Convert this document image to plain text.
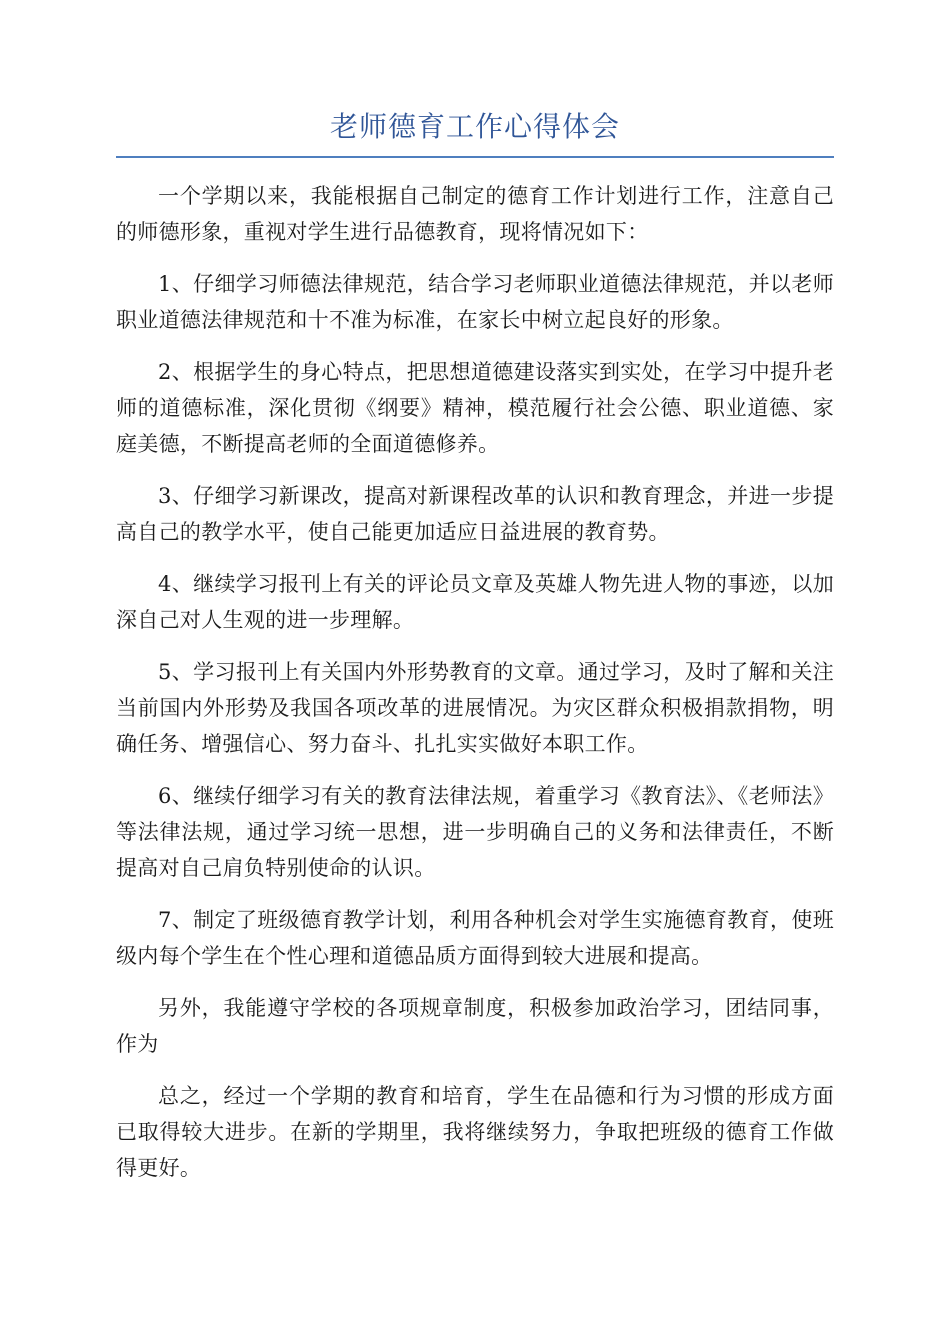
老师德育工作心得体会

一个学期以来，我能根据自己制定的德育工作计划进行工作，注意自己的师德形象，重视对学生进行品德教育，现将情况如下：

1、仔细学习师德法律规范，结合学习老师职业道德法律规范，并以老师职业道德法律规范和十不准为标准，在家长中树立起良好的形象。

2、根据学生的身心特点，把思想道德建设落实到实处，在学习中提升老师的道德标准，深化贯彻《纲要》精神，模范履行社会公德、职业道德、家庭美德，不断提高老师的全面道德修养。

3、仔细学习新课改，提高对新课程改革的认识和教育理念，并进一步提高自己的教学水平，使自己能更加适应日益进展的教育势。

4、继续学习报刊上有关的评论员文章及英雄人物先进人物的事迹，以加深自己对人生观的进一步理解。

5、学习报刊上有关国内外形势教育的文章。通过学习，及时了解和关注当前国内外形势及我国各项改革的进展情况。为灾区群众积极捐款捐物，明确任务、增强信心、努力奋斗、扎扎实实做好本职工作。

6、继续仔细学习有关的教育法律法规，着重学习《教育法》、《老师法》等法律法规，通过学习统一思想，进一步明确自己的义务和法律责任，不断提高对自己肩负特别使命的认识。

7、制定了班级德育教学计划，利用各种机会对学生实施德育教育，使班级内每个学生在个性心理和道德品质方面得到较大进展和提高。

另外，我能遵守学校的各项规章制度，积极参加政治学习，团结同事，作为

总之，经过一个学期的教育和培育，学生在品德和行为习惯的形成方面已取得较大进步。在新的学期里，我将继续努力，争取把班级的德育工作做得更好。
